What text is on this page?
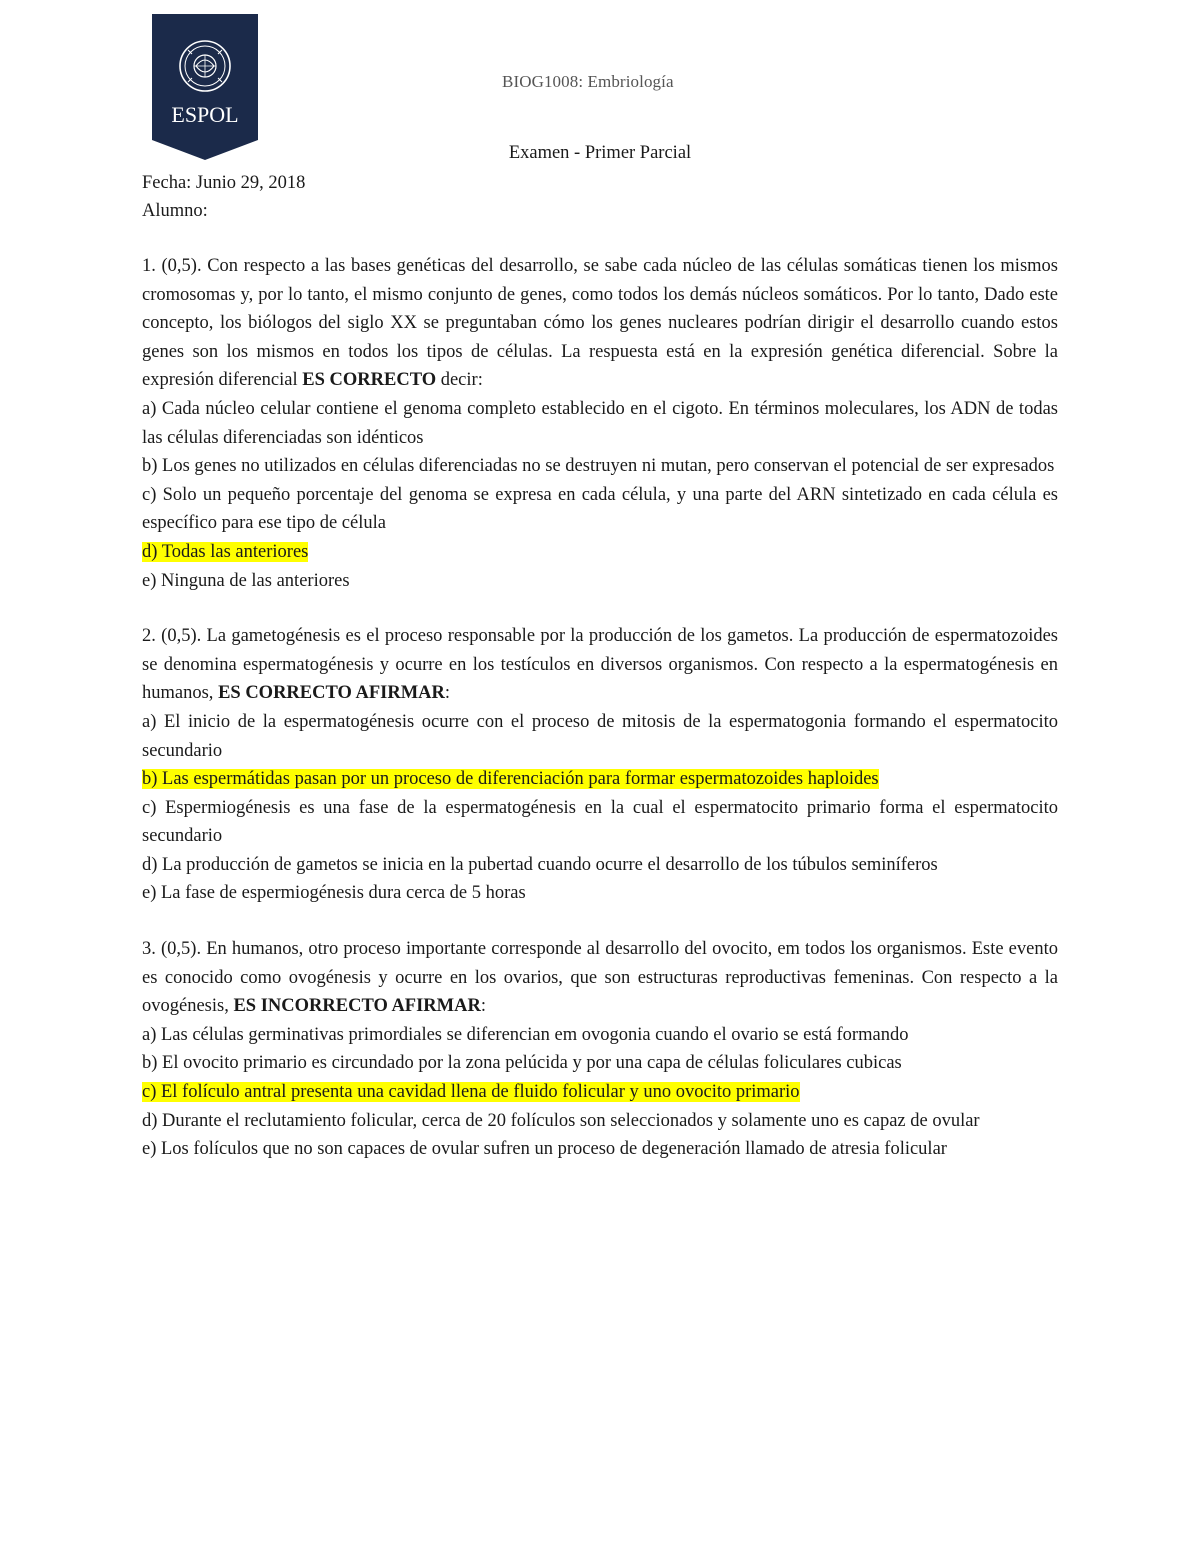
ESPOL
BIOG1008: Embriología
Examen - Primer Parcial
Fecha: Junio 29, 2018
Alumno:

1. (0,5). Con respecto a las bases genéticas del desarrollo, se sabe cada núcleo de las células somáticas tienen los mismos cromosomas y, por lo tanto, el mismo conjunto de genes, como todos los demás núcleos somáticos. Por lo tanto, Dado este concepto, los biólogos del siglo XX se preguntaban cómo los genes nucleares podrían dirigir el desarrollo cuando estos genes son los mismos en todos los tipos de células. La respuesta está en la expresión genética diferencial. Sobre la expresión diferencial ES CORRECTO decir:

a) Cada núcleo celular contiene el genoma completo establecido en el cigoto. En términos moleculares, los ADN de todas las células diferenciadas son idénticos

b) Los genes no utilizados en células diferenciadas no se destruyen ni mutan, pero conservan el potencial de ser expresados

c) Solo un pequeño porcentaje del genoma se expresa en cada célula, y una parte del ARN sintetizado en cada célula es específico para ese tipo de célula

d) Todas las anteriores

e) Ninguna de las anteriores

2. (0,5). La gametogénesis es el proceso responsable por la producción de los gametos. La producción de espermatozoides se denomina espermatogénesis y ocurre en los testículos en diversos organismos. Con respecto a la espermatogénesis en humanos, ES CORRECTO AFIRMAR:

a) El inicio de la espermatogénesis ocurre con el proceso de mitosis de la espermatogonia formando el espermatocito secundario

b) Las espermátidas pasan por un proceso de diferenciación para formar espermatozoides haploides

c) Espermiogénesis es una fase de la espermatogénesis en la cual el espermatocito primario forma el espermatocito secundario

d) La producción de gametos se inicia en la pubertad cuando ocurre el desarrollo de los túbulos seminíferos

e) La fase de espermiogénesis dura cerca de 5 horas

3. (0,5). En humanos, otro proceso importante corresponde al desarrollo del ovocito, em todos los organismos. Este evento es conocido como ovogénesis y ocurre en los ovarios, que son estructuras reproductivas femeninas. Con respecto a la ovogénesis, ES INCORRECTO AFIRMAR:

a) Las células germinativas primordiales se diferencian em ovogonia cuando el ovario se está formando

b) El ovocito primario es circundado por la zona pelúcida y por una capa de células foliculares cubicas

c) El folículo antral presenta una cavidad llena de fluido folicular y uno ovocito primario

d) Durante el reclutamiento folicular, cerca de 20 folículos son seleccionados y solamente uno es capaz de ovular

e) Los folículos que no son capaces de ovular sufren un proceso de degeneración llamado de atresia folicular
